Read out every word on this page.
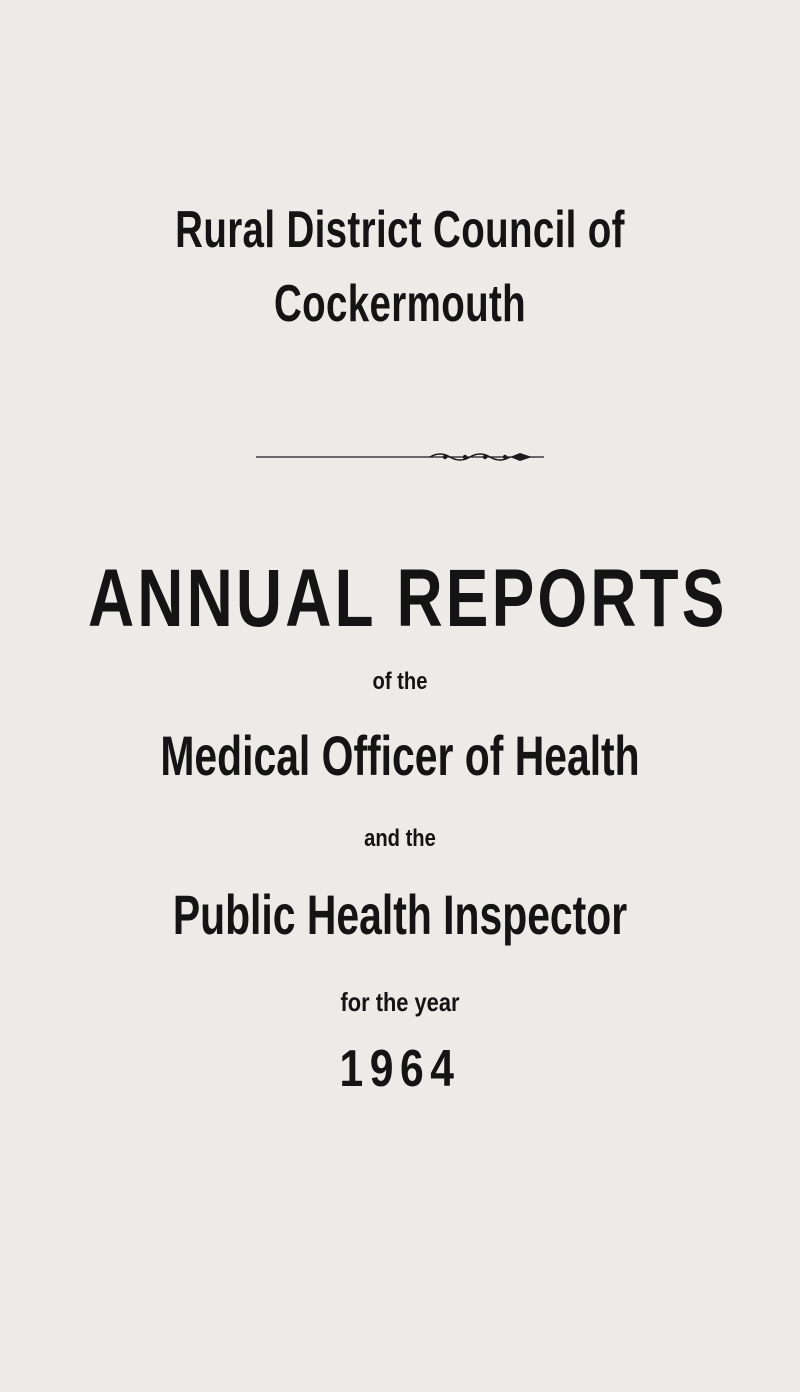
Rural District Council of
Cockermouth
ANNUAL REPORTS
of the
Medical Officer of Health
and the
Public Health Inspector
for the year
1964
